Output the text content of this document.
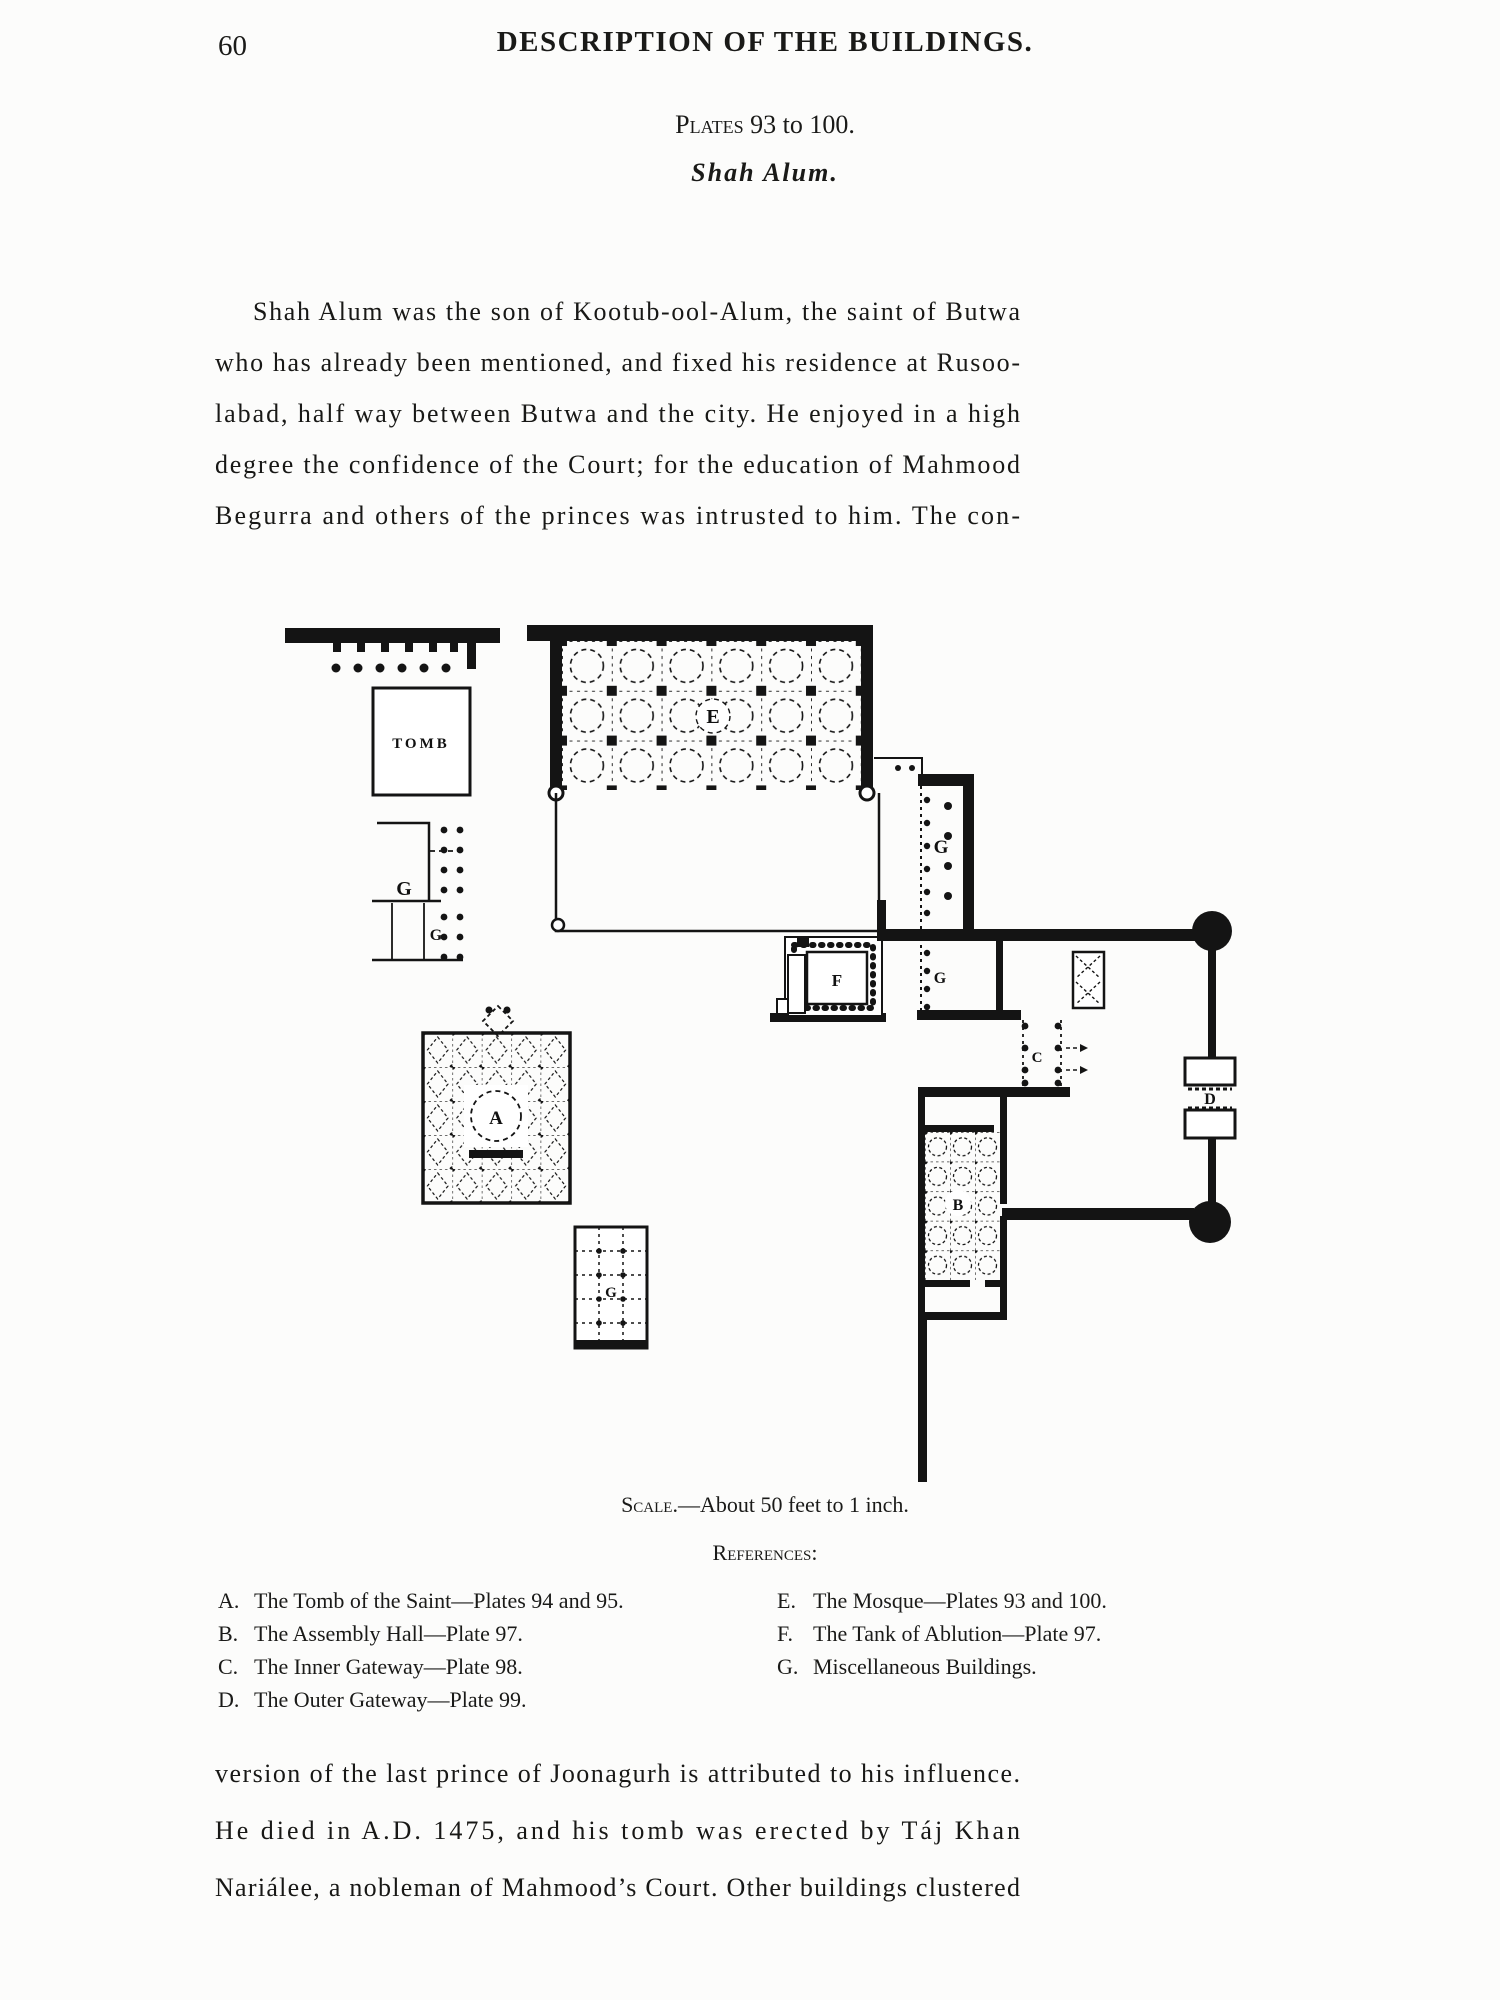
60	DESCRIPTION OF THE BUILDINGS.
Plates 93 to 100.
Shah Alum.
Shah Alum was the son of Kootub-ool-Alum, the saint of Butwa
who has already been mentioned, and fixed his residence at Rusoo-
labad, half way between Butwa and the city. He enjoyed in a high
degree the confidence of the Court; for the education of Mahmood
Begurra and others of the princes was intrusted to him. The con-
TOMB
G
G
E
F
G
D
G
C
B
G
A
Scale.—About 50 feet to 1 inch.
References:
A. The Tomb of the Saint—Plates 94 and 95.
B. The Assembly Hall—Plate 97.
C. The Inner Gateway—Plate 98.
D. The Outer Gateway—Plate 99.
E. The Mosque—Plates 93 and 100.
F. The Tank of Ablution—Plate 97.
G. Miscellaneous Buildings.
version of the last prince of Joonagurh is attributed to his influence.
He died in A.D. 1475, and his tomb was erected by Táj Khan
Nariálee, a nobleman of Mahmood’s Court. Other buildings clustered
